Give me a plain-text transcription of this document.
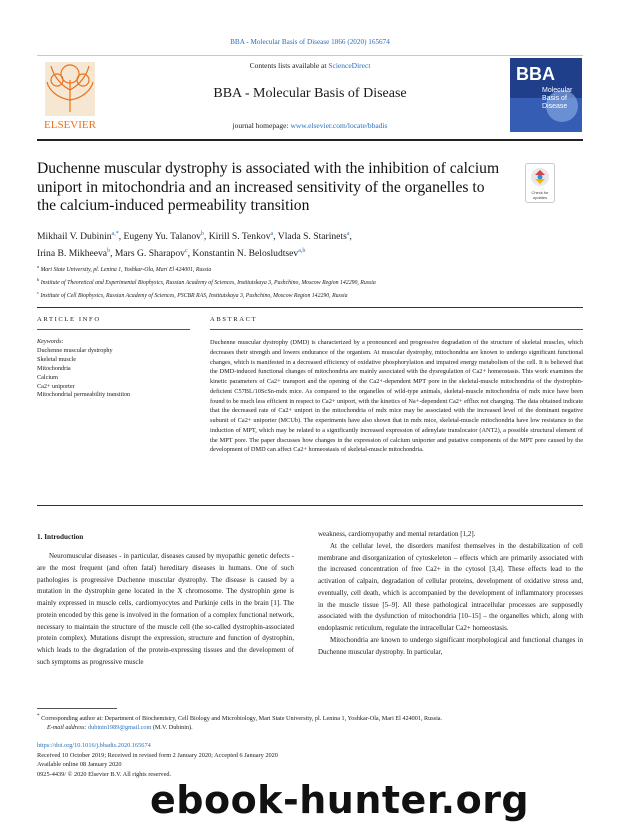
BBA - Molecular Basis of Disease 1866 (2020) 165674
ELSEVIER
Contents lists available at ScienceDirect
BBA - Molecular Basis of Disease
journal homepage: www.elsevier.com/locate/bbadis
BBA
Molecular
Basis of
Disease
Duchenne muscular dystrophy is associated with the inhibition of calcium uniport in mitochondria and an increased sensitivity of the organelles to the calcium-induced permeability transition
Check for
updates
Mikhail V. Dubinin$^{a,*}$, Eugeny Yu. Talanov$^b$, Kirill S. Tenkov$^a$, Vlada S. Starinets$^a$,
Irina B. Mikheeva$^b$, Mars G. Sharapov$^c$, Konstantin N. Belosludtsev$^{a,b}$
$^a$ Mari State University, pl. Lenina 1, Yoshkar-Ola, Mari El 424001, Russia
$^b$ Institute of Theoretical and Experimental Biophysics, Russian Academy of Sciences, Institutskaya 3, Pushchino, Moscow Region 142290, Russia
$^c$ Institute of Cell Biophysics, Russian Academy of Sciences, PSCBR RAS, Institutskaya 3, Pushchino, Moscow Region 142290, Russia
ARTICLE INFO	ABSTRACT
Keywords:
Duchenne muscular dystrophy
Skeletal muscle
Mitochondria
Calcium
Ca2+ uniporter
Mitochondrial permeability transition
Duchenne muscular dystrophy (DMD) is characterized by a pronounced and progressive degradation of the structure of skeletal muscles, which decreases their strength and lowers endurance of the organism. At muscular dystrophy, mitochondria are known to undergo significant functional changes, which is manifested in a decreased efficiency of oxidative phosphorylation and impaired energy metabolism of the cell. It is believed that the DMD-induced functional changes of mitochondria are mainly associated with the dysregulation of Ca2+ homeostasis. This work examines the kinetic parameters of Ca2+ transport and the opening of the Ca2+-dependent MPT pore in the skeletal-muscle mitochondria of the dystrophin-deficient C57BL/10ScSn-mdx mice. As compared to the organelles of wild-type animals, skeletal-muscle mitochondria of mdx mice have been found to be much less efficient in respect to Ca2+ uniport, with the kinetics of Na+-dependent Ca2+ efflux not changing. The data obtained indicate that the decreased rate of Ca2+ uniport in the mitochondria of mdx mice may be associated with the increased level of the dominant negative subunit of Ca2+ uniporter (MCUb). The experiments have also shown that in mdx mice, skeletal-muscle mitochondria have low resistance to the induction of MPT, which may be related to a significantly increased expression of adenylate translocator (ANT2), a possible structural element of the MPT pore. The paper discusses how changes in the expression of calcium uniporter and putative components of the MPT pore caused by the development of DMD can affect Ca2+ homeostasis of skeletal-muscle mitochondria.
1. Introduction

Neuromuscular diseases - in particular, diseases caused by myopathic genetic defects - are the most frequent (and often fatal) hereditary diseases in humans. One of such pathologies is progressive Duchenne muscular dystrophy. The disease is caused by a mutation in the dystrophin gene located in the X chromosome. The dystrophin gene is mainly expressed in muscle cells, cardiomyocytes and Purkinje cells in the brain [1]. The protein encoded by this gene is involved in the formation of a complex functional network, necessary to maintain the structure of the muscle cell (the so-called dystrophin-associated protein complex). Mutations disrupt the expression, structure and function of dystrophin, which leads to the degradation of the protein-expressing tissues and the development of such symptoms as progressive muscle

weakness, cardiomyopathy and mental retardation [1,2].

At the cellular level, the disorders manifest themselves in the destabilization of cell membrane and disorganization of cytoskeleton – effects which are primarily associated with the increased concentration of free Ca2+ in the cytosol [3,4]. These effects lead to the activation of calpain, degradation of cellular proteins, development of oxidative stress and, eventually, cell death, which is accompanied by the development of inflammatory processes in the muscle tissue [5–9]. All these pathological intracellular processes are supposedly associated with the dysfunction of mitochondria [10–15] – the organelles which, along with endoplasmic reticulum, regulate the intracellular Ca2+ homeostasis.

Mitochondria are known to undergo significant morphological and functional changes in Duchenne muscular dystrophy. In particular,

* Corresponding author at: Department of Biochemistry, Cell Biology and Microbiology, Mari State University, pl. Lenina 1, Yoshkar-Ola, Mari El 424001, Russia.
E-mail address: dubinin1989@gmail.com (M.V. Dubinin).
https://doi.org/10.1016/j.bbadis.2020.165674
Received 10 October 2019; Received in revised form 2 January 2020; Accepted 6 January 2020
Available online 08 January 2020
0925-4439/ © 2020 Elsevier B.V. All rights reserved.
ebook-hunter.org
